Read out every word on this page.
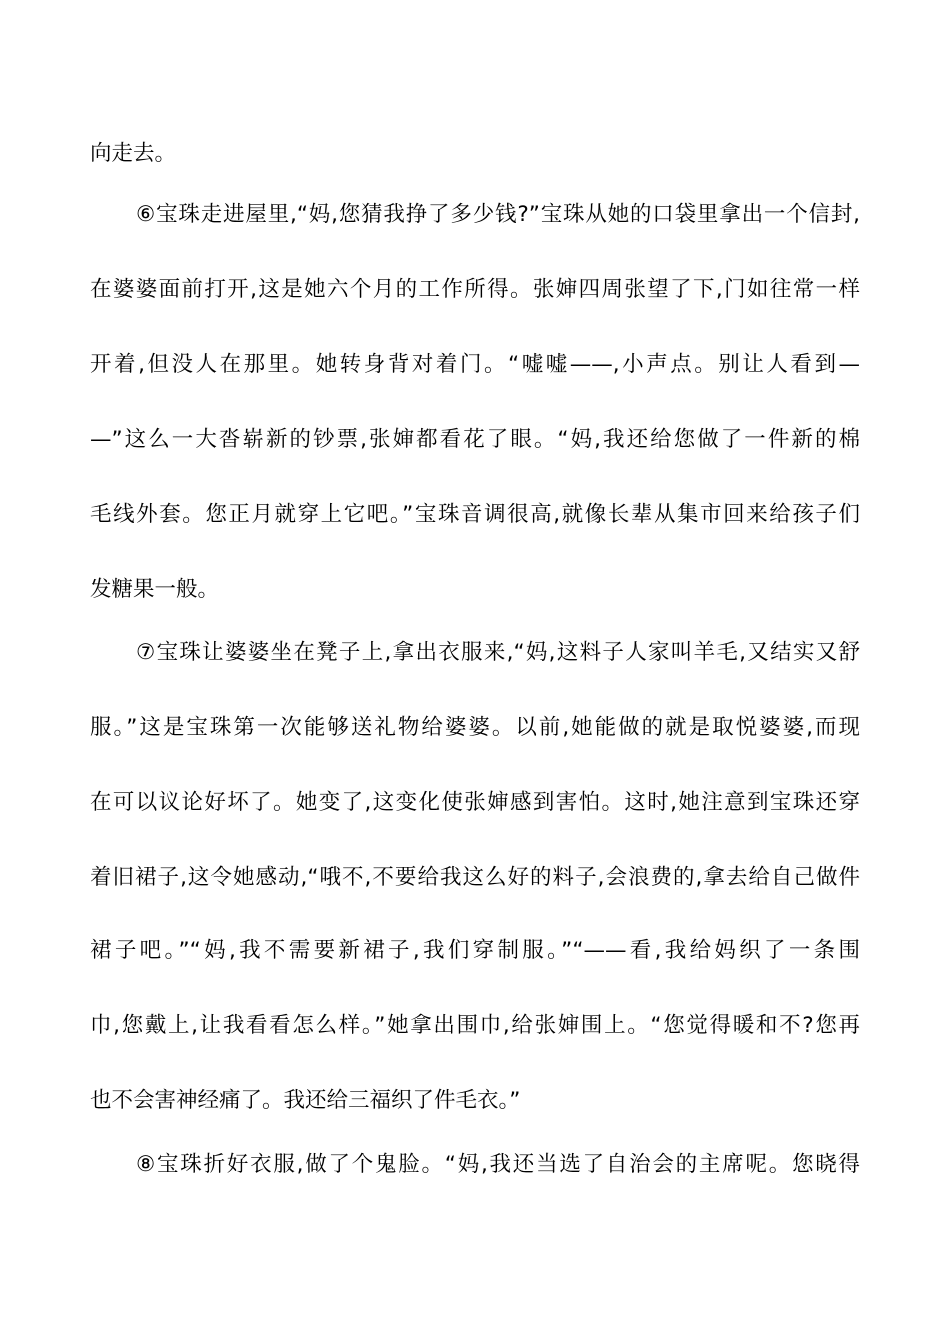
向走去。
⑥宝珠走进屋里,“妈,您猜我挣了多少钱?”宝珠从她的口袋里拿出一个信封,
在婆婆面前打开,这是她六个月的工作所得。张婶四周张望了下,门如往常一样
开着,但没人在那里。她转身背对着门。“嘘嘘——,小声点。别让人看到—
—”这么一大沓崭新的钞票,张婶都看花了眼。“妈,我还给您做了一件新的棉
毛线外套。您正月就穿上它吧。”宝珠音调很高,就像长辈从集市回来给孩子们
发糖果一般。
⑦宝珠让婆婆坐在凳子上,拿出衣服来,“妈,这料子人家叫羊毛,又结实又舒
服。”这是宝珠第一次能够送礼物给婆婆。以前,她能做的就是取悦婆婆,而现
在可以议论好坏了。她变了,这变化使张婶感到害怕。这时,她注意到宝珠还穿
着旧裙子,这令她感动,“哦不,不要给我这么好的料子,会浪费的,拿去给自己做件
裙子吧。”“妈,我不需要新裙子,我们穿制服。”“——看,我给妈织了一条围
巾,您戴上,让我看看怎么样。”她拿出围巾,给张婶围上。“您觉得暖和不?您再
也不会害神经痛了。我还给三福织了件毛衣。”
⑧宝珠折好衣服,做了个鬼脸。“妈,我还当选了自治会的主席呢。您晓得
